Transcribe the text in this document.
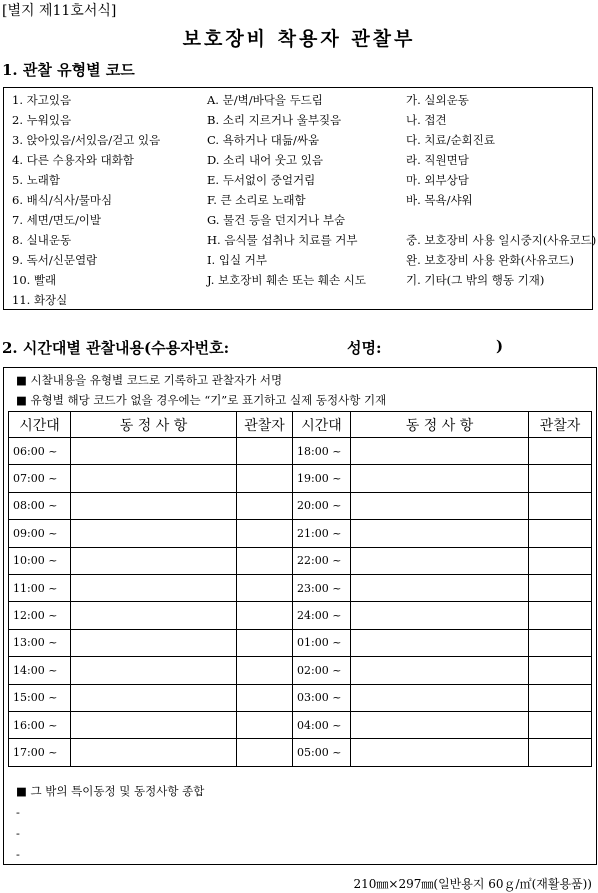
[별지 제11호서식]
보호장비 착용자 관찰부
1. 관찰 유형별 코드
1. 자고있음
2. 누워있음
3. 앉아있음/서있음/걷고 있음
4. 다른 수용자와 대화함
5. 노래함
6. 배식/식사/물마심
7. 세면/면도/이발
8. 실내운동
9. 독서/신문열람
10. 빨래
11. 화장실
A. 문/벽/바닥을 두드림
B. 소리 지르거나 울부짖음
C. 욕하거나 대듦/싸움
D. 소리 내어 웃고 있음
E. 두서없이 중얼거림
F. 큰 소리로 노래함
G. 물건 등을 던지거나 부숨
H. 음식물 섭취나 치료를 거부
I. 입실 거부
J. 보호장비 훼손 또는 훼손 시도
가. 실외운동
나. 접견
다. 치료/순회진료
라. 직원면담
마. 외부상담
바. 목욕/샤워
중. 보호장비 사용 일시중지(사유코드)
완. 보호장비 사용 완화(사유코드)
기. 기타(그 밖의 행동 기재)
2. 시간대별 관찰내용(수용자번호:	성명:	)
■ 시찰내용을 유형별 코드로 기록하고 관찰자가 서명
■ 유형별 해당 코드가 없을 경우에는 “기”로 표기하고 실제 동정사항 기재
시간대	동 정 사 항	관찰자	시간대	동 정 사 항	관찰자
06:00 ~			18:00 ~		
07:00 ~			19:00 ~		
08:00 ~			20:00 ~		
09:00 ~			21:00 ~		
10:00 ~			22:00 ~		
11:00 ~			23:00 ~		
12:00 ~			24:00 ~		
13:00 ~			01:00 ~		
14:00 ~			02:00 ~		
15:00 ~			03:00 ~		
16:00 ~			04:00 ~		
17:00 ~			05:00 ~		
■ 그 밖의 특이동정 및 동정사항 종합
-
-
-
210㎜×297㎜(일반용지 60ｇ/㎡(재활용품))
